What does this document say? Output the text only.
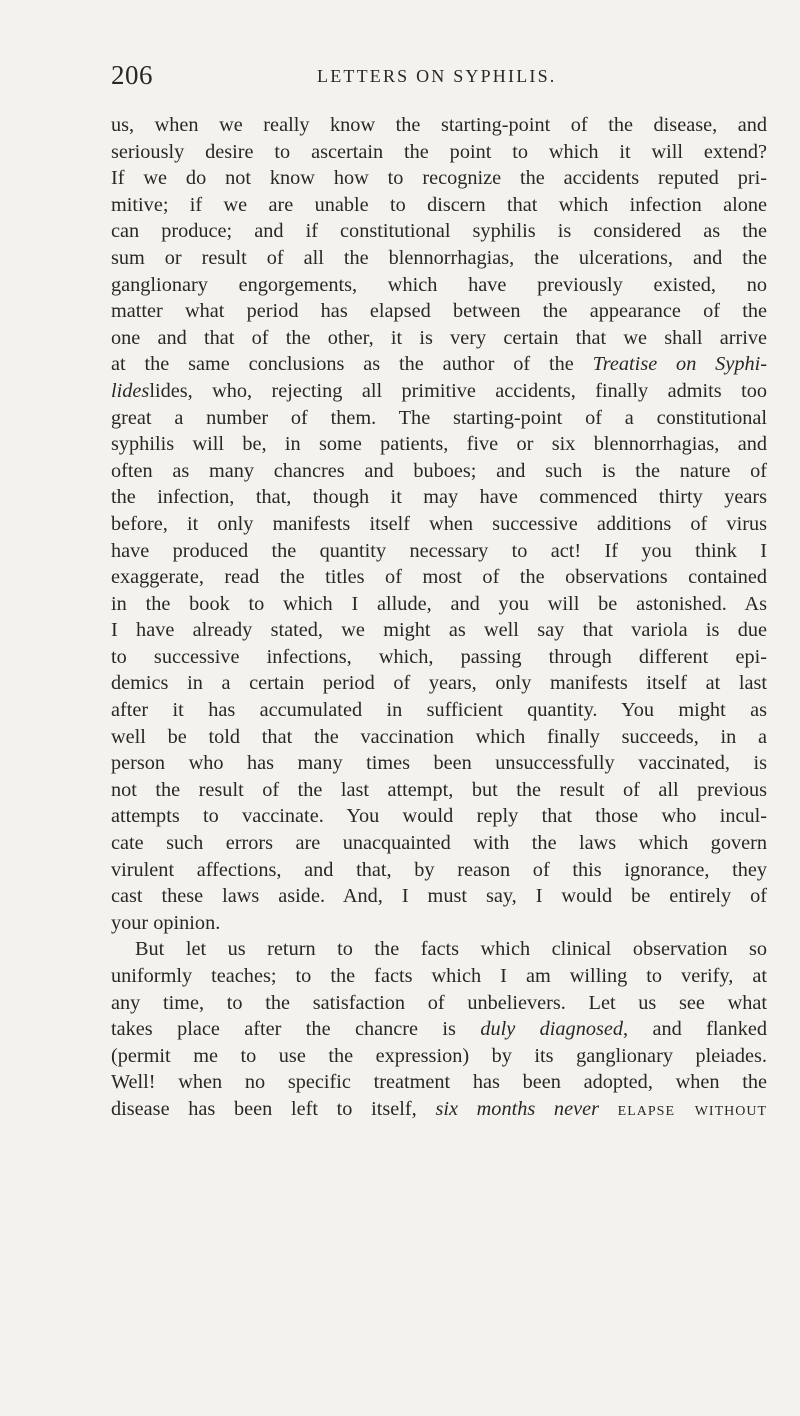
206	LETTERS ON SYPHILIS.
us, when we really know the starting-point of the disease, and
seriously desire to ascertain the point to which it will extend?
If we do not know how to recognize the accidents reputed pri-
mitive; if we are unable to discern that which infection alone
can produce; and if constitutional syphilis is considered as the
sum or result of all the blennorrhagias, the ulcerations, and the
ganglionary engorgements, which have previously existed, no
matter what period has elapsed between the appearance of the
one and that of the other, it is very certain that we shall arrive
at the same conclusions as the author of the Treatise on Syphi-
lideslides, who, rejecting all primitive accidents, finally admits too
great a number of them. The starting-point of a constitutional
syphilis will be, in some patients, five or six blennorrhagias, and
often as many chancres and buboes; and such is the nature of
the infection, that, though it may have commenced thirty years
before, it only manifests itself when successive additions of virus
have produced the quantity necessary to act! If you think I
exaggerate, read the titles of most of the observations contained
in the book to which I allude, and you will be astonished. As
I have already stated, we might as well say that variola is due
to successive infections, which, passing through different epi-
demics in a certain period of years, only manifests itself at last
after it has accumulated in sufficient quantity. You might as
well be told that the vaccination which finally succeeds, in a
person who has many times been unsuccessfully vaccinated, is
not the result of the last attempt, but the result of all previous
attempts to vaccinate. You would reply that those who incul-
cate such errors are unacquainted with the laws which govern
virulent affections, and that, by reason of this ignorance, they
cast these laws aside. And, I must say, I would be entirely of
your opinion.
But let us return to the facts which clinical observation so
uniformly teaches; to the facts which I am willing to verify, at
any time, to the satisfaction of unbelievers. Let us see what
takes place after the chancre is duly diagnosed, and flanked
(permit me to use the expression) by its ganglionary pleiades.
Well! when no specific treatment has been adopted, when the
disease has been left to itself, six months never elapse without
